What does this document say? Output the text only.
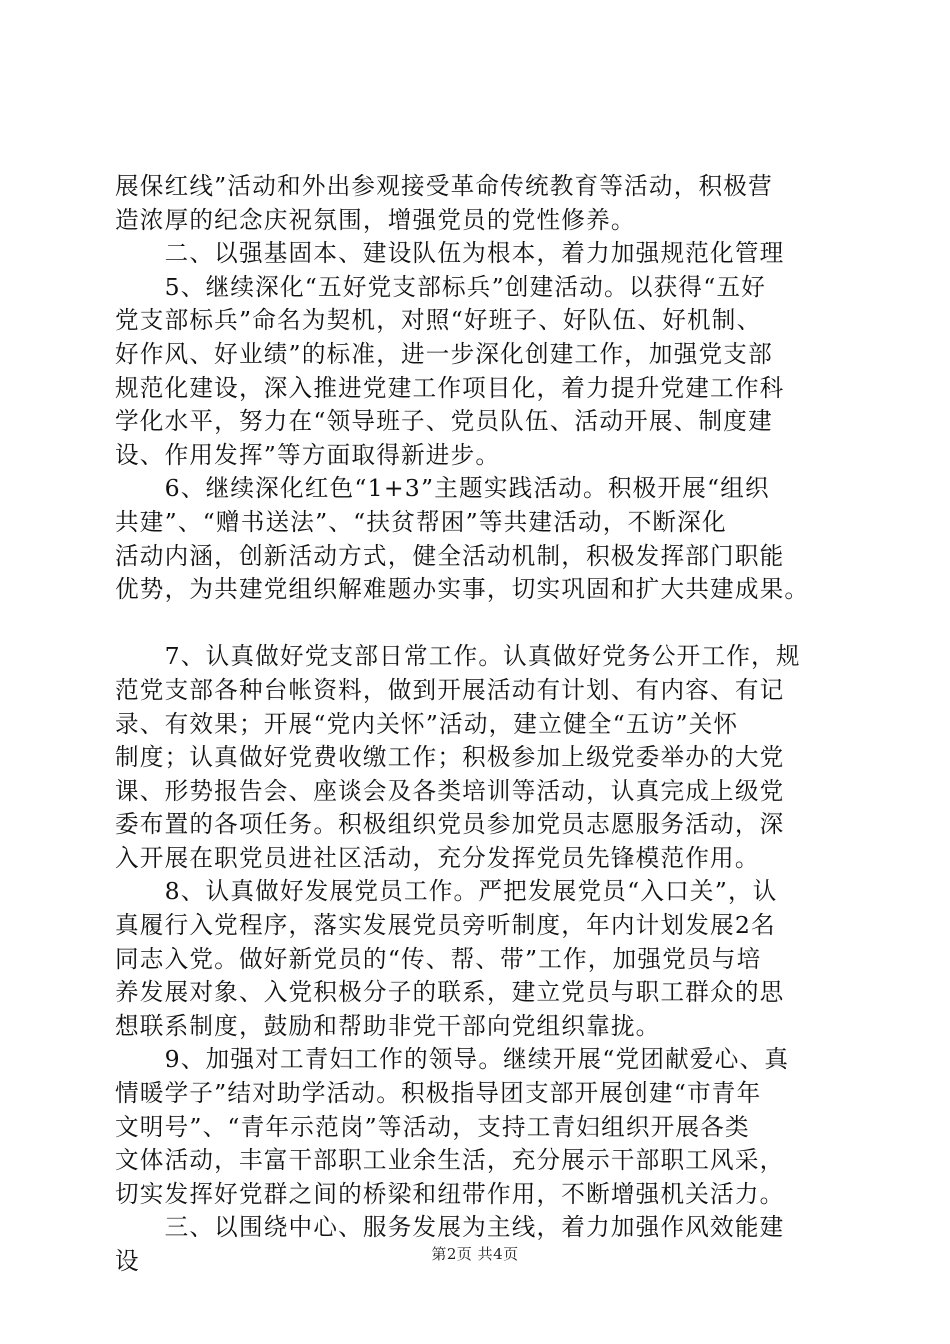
展保红线”活动和外出参观接受革命传统教育等活动，积极营
造浓厚的纪念庆祝氛围，增强党员的党性修养。
　　二、以强基固本、建设队伍为根本，着力加强规范化管理
　　5、继续深化“五好党支部标兵”创建活动。以获得“五好
党支部标兵”命名为契机，对照“好班子、好队伍、好机制、
好作风、好业绩”的标准，进一步深化创建工作，加强党支部
规范化建设，深入推进党建工作项目化，着力提升党建工作科
学化水平，努力在“领导班子、党员队伍、活动开展、制度建
设、作用发挥”等方面取得新进步。
　　6、继续深化红色“1+3”主题实践活动。积极开展“组织
共建”、“赠书送法”、“扶贫帮困”等共建活动，不断深化
活动内涵，创新活动方式，健全活动机制，积极发挥部门职能
优势，为共建党组织解难题办实事，切实巩固和扩大共建成果。
　　7、认真做好党支部日常工作。认真做好党务公开工作，规
范党支部各种台帐资料，做到开展活动有计划、有内容、有记
录、有效果；开展“党内关怀”活动，建立健全“五访”关怀
制度；认真做好党费收缴工作；积极参加上级党委举办的大党
课、形势报告会、座谈会及各类培训等活动，认真完成上级党
委布置的各项任务。积极组织党员参加党员志愿服务活动，深
入开展在职党员进社区活动，充分发挥党员先锋模范作用。
　　8、认真做好发展党员工作。严把发展党员“入口关”，认
真履行入党程序，落实发展党员旁听制度，年内计划发展2名
同志入党。做好新党员的“传、帮、带”工作，加强党员与培
养发展对象、入党积极分子的联系，建立党员与职工群众的思
想联系制度，鼓励和帮助非党干部向党组织靠拢。
　　9、加强对工青妇工作的领导。继续开展“党团献爱心、真
情暖学子”结对助学活动。积极指导团支部开展创建“市青年
文明号”、“青年示范岗”等活动，支持工青妇组织开展各类
文体活动，丰富干部职工业余生活，充分展示干部职工风采，
切实发挥好党群之间的桥梁和纽带作用，不断增强机关活力。
　　三、以围绕中心、服务发展为主线，着力加强作风效能建
设	第2页 共4页
